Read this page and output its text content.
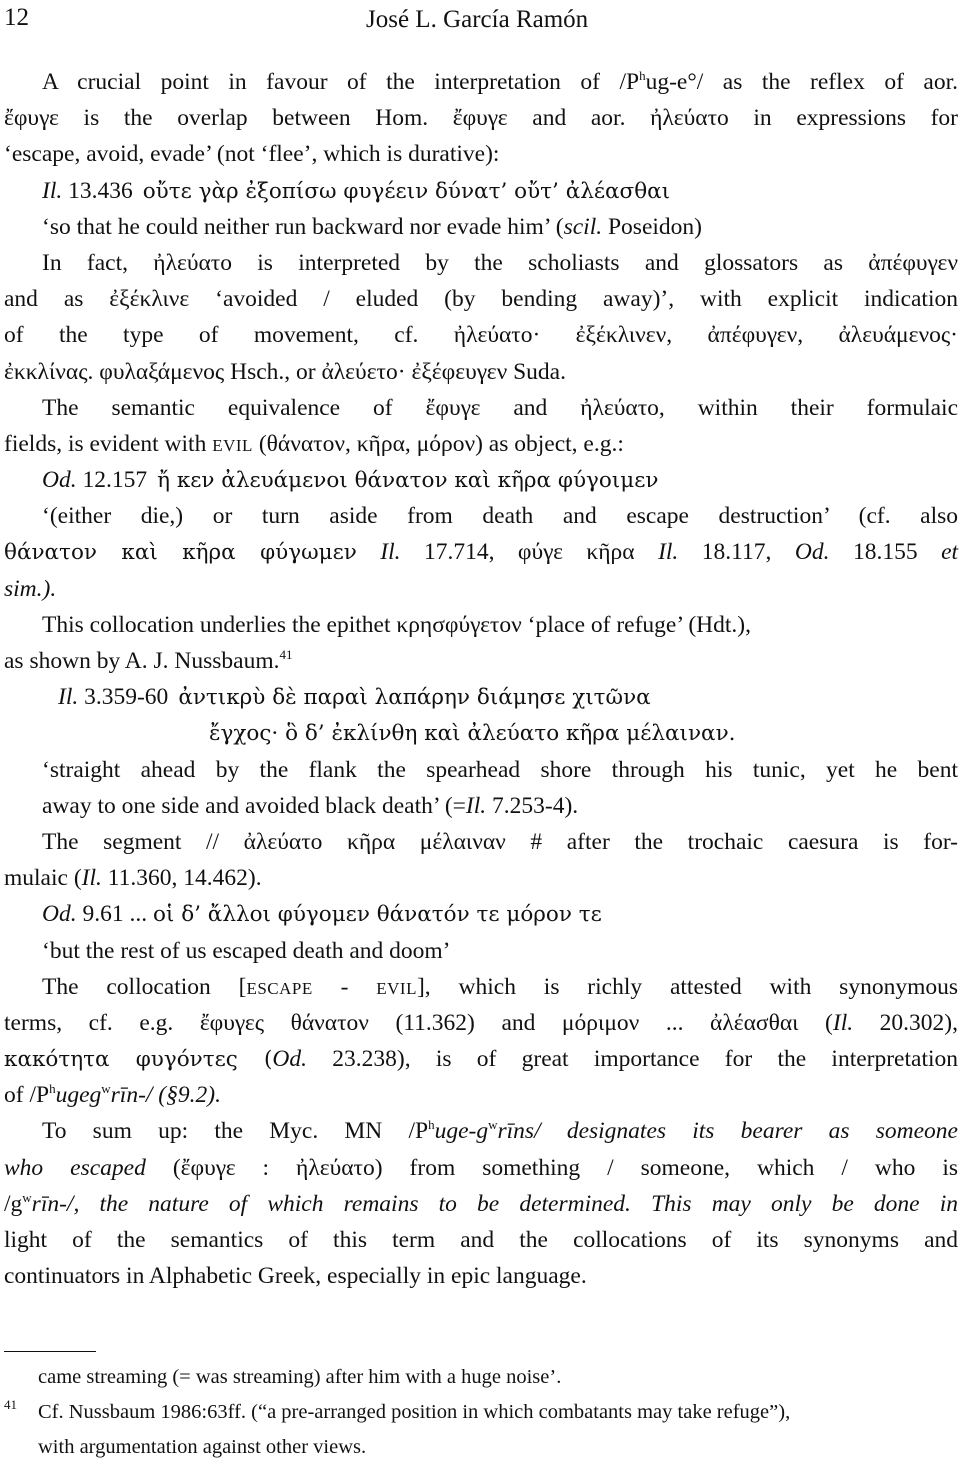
12	José L. García Ramón
A crucial point in favour of the interpretation of $/P^hug-e^\circ/$ as the reflex of aor.
ἔφυγε is the overlap between Hom. ἔφυγε and aor. ἠλεύατο in expressions for
‘escape, avoid, evade’ (not ‘flee’, which is durative):
Il. 13.436 οὔτε γὰρ ἐξοπίσω φυγέειν δύνατ’ οὔτ’ ἀλέασθαι
‘so that he could neither run backward nor evade him’ (scil. Poseidon)
In fact, ἠλεύατο is interpreted by the scholiasts and glossators as ἀπέφυγεν
and as ἐξέκλινε ‘avoided / eluded (by bending away)’, with explicit indication
of the type of movement, cf. ἠλεύατο· ἐξέκλινεν, ἀπέφυγεν, ἀλευάμενος·
ἐκκλίνας. φυλαξάμενος Hsch., or ἀλεύετο· ἐξέφευγεν Suda.
The semantic equivalence of ἔφυγε and ἠλεύατο, within their formulaic
fields, is evident with EVIL (θάνατον, κῆρα, μόρον) as object, e.g.:
Od. 12.157 ἤ κεν ἀλευάμενοι θάνατον καὶ κῆρα φύγοιμεν
‘(either die,) or turn aside from death and escape destruction’ (cf. also
θάνατον καὶ κῆρα φύγωμεν Il. 17.714, φύγε κῆρα Il. 18.117, Od. 18.155 et
sim.).
This collocation underlies the epithet κρησφύγετον ‘place of refuge’ (Hdt.),
as shown by A. J. Nussbaum.$^{41}$
Il. 3.359-60 ἀντικρὺ δὲ παραὶ λαπάρην διάμησε χιτῶνα
ἔγχος· ὃ δ’ ἐκλίνθη καὶ ἀλεύατο κῆρα μέλαιναν.
‘straight ahead by the flank the spearhead shore through his tunic, yet he bent
away to one side and avoided black death’ (=Il. 7.253-4).
The segment // ἀλεύατο κῆρα μέλαιναν # after the trochaic caesura is for-
mulaic (Il. 11.360, 14.462).
Od. 9.61 ... οἱ δ’ ἄλλοι φύγομεν θάνατόν τε μόρον τε
‘but the rest of us escaped death and doom’
The collocation [ESCAPE - EVIL], which is richly attested with synonymous
terms, cf. e.g. ἔφυγες θάνατον (11.362) and μόριμον ... ἀλέασθαι (Il. 20.302),
κακότητα φυγόντες (Od. 23.238), is of great importance for the interpretation
of $/P^hugeg^wrīn-/$ (§9.2).
To sum up: the Myc. MN $/P^huge-g^wrīns/$ designates its bearer as someone
who escaped (ἔφυγε : ἠλεύατο) from something / someone, which / who is
$/g^wrīn-/$, the nature of which remains to be determined. This may only be done in
light of the semantics of this term and the collocations of its synonyms and
continuators in Alphabetic Greek, especially in epic language.
came streaming (= was streaming) after him with a huge noise’.
41 Cf. Nussbaum 1986:63ff. (“a pre-arranged position in which combatants may take refuge”),
with argumentation against other views.
